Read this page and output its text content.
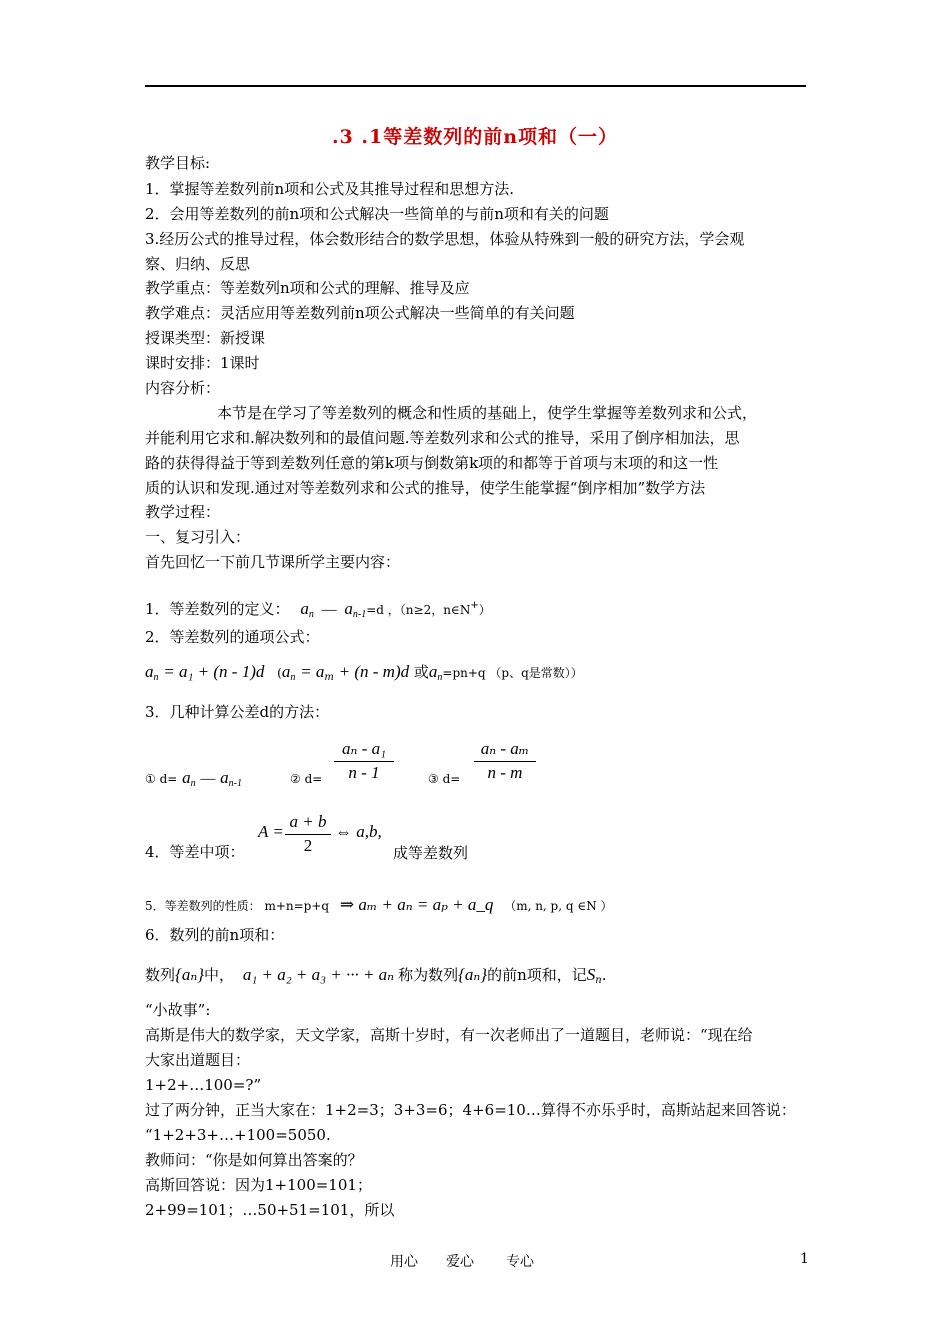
.3 .1等差数列的前n项和（一）
教学目标:
1．掌握等差数列前n项和公式及其推导过程和思想方法.
2．会用等差数列的前n项和公式解决一些简单的与前n项和有关的问题
3.经历公式的推导过程，体会数形结合的数学思想，体验从特殊到一般的研究方法，学会观
察、归纳、反思
教学重点：等差数列n项和公式的理解、推导及应
教学难点：灵活应用等差数列前n项公式解决一些简单的有关问题
授课类型：新授课
课时安排：1课时
内容分析：
本节是在学习了等差数列的概念和性质的基础上，使学生掌握等差数列求和公式，
并能利用它求和.解决数列和的最值问题.等差数列求和公式的推导，采用了倒序相加法，思
路的获得得益于等到差数列任意的第k项与倒数第k项的和都等于首项与末项的和这一性
质的认识和发现.通过对等差数列求和公式的推导，使学生能掌握“倒序相加”数学方法
教学过程：
一、复习引入：
首先回忆一下前几节课所学主要内容：
1．等差数列的定义： $a_n$ — $a_{n-1}=d$ ，（n≥2，n∈N+）
2．等差数列的通项公式：
$a_n = a_1 + (n - 1)d$ ($a_n = a_m + (n - m)d$ 或$a_n=pn+q$ （p、q是常数））
3．几种计算公差d的方法：
① $d= a_n$ — $a_{n-1}$	② $d= \frac{\text{aₙ - a₁}}{n - 1}$	③ $d= \frac{\text{aₙ - aₘ}}{n - m}$
4．等差中项：
$A = \frac{a + b}{2}$ ⇔ a,b,
成等差数列
5．等差数列的性质： m+n=p+q ⇒ aₘ + aₙ = aₚ + a_q （m, n, p, q ∈N ）
6．数列的前n项和：
数列{aₙ}中， a₁ + a₂ + a₃ + ··· + aₙ 称为数列{aₙ}的前n项和，记$S_n$.
“小故事”:
高斯是伟大的数学家，天文学家，高斯十岁时，有一次老师出了一道题目，老师说：“现在给
大家出道题目：
1+2+…100=?”
过了两分钟，正当大家在：1+2=3；3+3=6；4+6=10…算得不亦乐乎时，高斯站起来回答说：
“1+2+3+…+100=5050.
教师问：“你是如何算出答案的？
高斯回答说：因为1+100=101；
2+99=101；…50+51=101，所以
用心 爱心 专心	1
